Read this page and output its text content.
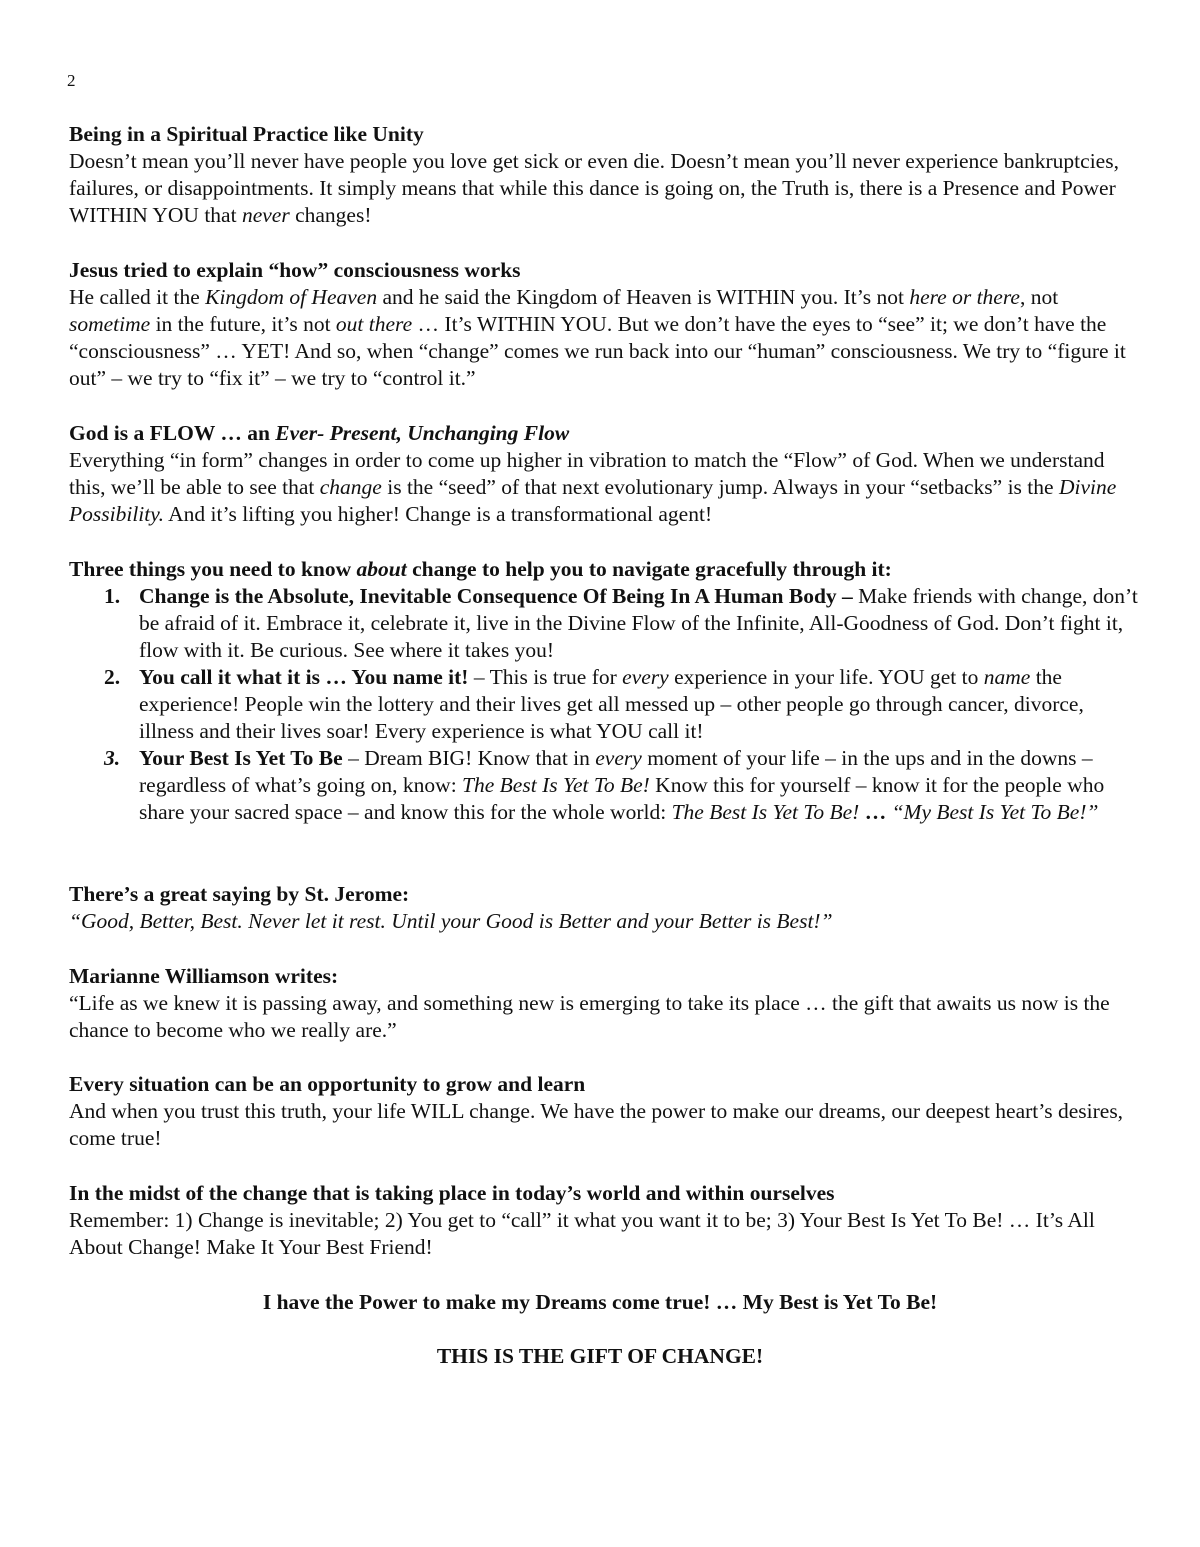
2

Being in a Spiritual Practice like Unity

Doesn’t mean you’ll never have people you love get sick or even die. Doesn’t mean you’ll never experience bankruptcies, failures, or disappointments. It simply means that while this dance is going on, the Truth is, there is a Presence and Power WITHIN YOU that never changes!

Jesus tried to explain “how” consciousness works

He called it the Kingdom of Heaven and he said the Kingdom of Heaven is WITHIN you. It’s not here or there, not sometime in the future, it’s not out there … It’s WITHIN YOU. But we don’t have the eyes to “see” it; we don’t have the “consciousness” … YET! And so, when “change” comes we run back into our “human” consciousness. We try to “figure it out” – we try to “fix it” – we try to “control it.”

God is a FLOW … an Ever- Present, Unchanging Flow

Everything “in form” changes in order to come up higher in vibration to match the “Flow” of God. When we understand this, we’ll be able to see that change is the “seed” of that next evolutionary jump. Always in your “setbacks” is the Divine Possibility. And it’s lifting you higher! Change is a transformational agent!

Three things you need to know about change to help you to navigate gracefully through it:

1. Change is the Absolute, Inevitable Consequence Of Being In A Human Body – Make friends with change, don’t be afraid of it. Embrace it, celebrate it, live in the Divine Flow of the Infinite, All-Goodness of God. Don’t fight it, flow with it. Be curious. See where it takes you!
2. You call it what it is … You name it! – This is true for every experience in your life. YOU get to name the experience! People win the lottery and their lives get all messed up – other people go through cancer, divorce, illness and their lives soar! Every experience is what YOU call it!
3. Your Best Is Yet To Be – Dream BIG! Know that in every moment of your life – in the ups and in the downs – regardless of what’s going on, know: The Best Is Yet To Be! Know this for yourself – know it for the people who share your sacred space – and know this for the whole world: The Best Is Yet To Be! … “My Best Is Yet To Be!”

There’s a great saying by St. Jerome:

“Good, Better, Best. Never let it rest. Until your Good is Better and your Better is Best!”

Marianne Williamson writes:

“Life as we knew it is passing away, and something new is emerging to take its place … the gift that awaits us now is the chance to become who we really are.”

Every situation can be an opportunity to grow and learn

And when you trust this truth, your life WILL change. We have the power to make our dreams, our deepest heart’s desires, come true!

In the midst of the change that is taking place in today’s world and within ourselves

Remember: 1) Change is inevitable; 2) You get to “call” it what you want it to be; 3) Your Best Is Yet To Be! … It’s All About Change! Make It Your Best Friend!

I have the Power to make my Dreams come true! … My Best is Yet To Be!

THIS IS THE GIFT OF CHANGE!
